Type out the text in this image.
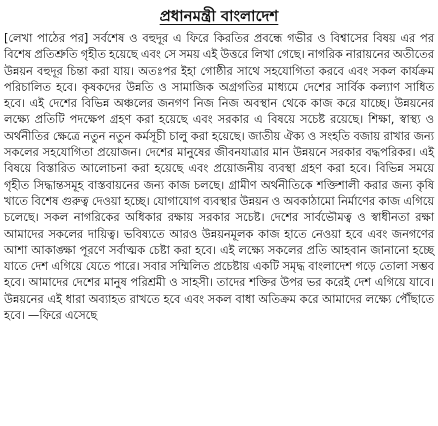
প্রধানমন্ত্রী বাংলাদেশ

[লেখা পাঠের পর] সর্বশেষ ও বহুদূর এ ফিরে কিরতির প্রবন্ধে গভীর ও বিশ্বাসের বিষয় এর পর বিশেষ প্রতিশ্রুতি গৃহীত হয়েছে এবং সে সময় এই উত্তরে লিখা গেছে। নাগরিক নারায়নের অতীতের উন্নয়ন বহুদূর চিন্তা করা যায়। অতঃপর ইহা গোষ্ঠীর সাথে সহযোগিতা করবে এবং সকল কার্যক্রম পরিচালিত হবে। কৃষকদের উন্নতি ও সামাজিক অগ্রগতির মাধ্যমে দেশের সার্বিক কল্যাণ সাধিত হবে। এই দেশের বিভিন্ন অঞ্চলের জনগণ নিজ নিজ অবস্থান থেকে কাজ করে যাচ্ছে। উন্নয়নের লক্ষ্যে প্রতিটি পদক্ষেপ গ্রহণ করা হয়েছে এবং সরকার এ বিষয়ে সচেষ্ট রয়েছে। শিক্ষা, স্বাস্থ্য ও অর্থনীতির ক্ষেত্রে নতুন নতুন কর্মসূচী চালু করা হয়েছে। জাতীয় ঐক্য ও সংহতি বজায় রাখার জন্য সকলের সহযোগিতা প্রয়োজন। দেশের মানুষের জীবনযাত্রার মান উন্নয়নে সরকার বদ্ধপরিকর। এই বিষয়ে বিস্তারিত আলোচনা করা হয়েছে এবং প্রয়োজনীয় ব্যবস্থা গ্রহণ করা হবে। বিভিন্ন সময়ে গৃহীত সিদ্ধান্তসমূহ বাস্তবায়নের জন্য কাজ চলছে। গ্রামীণ অর্থনীতিকে শক্তিশালী করার জন্য কৃষি খাতে বিশেষ গুরুত্ব দেওয়া হচ্ছে। যোগাযোগ ব্যবস্থার উন্নয়ন ও অবকাঠামো নির্মাণের কাজ এগিয়ে চলেছে। সকল নাগরিকের অধিকার রক্ষায় সরকার সচেষ্ট। দেশের সার্বভৌমত্ব ও স্বাধীনতা রক্ষা আমাদের সকলের দায়িত্ব। ভবিষ্যতে আরও উন্নয়নমূলক কাজ হাতে নেওয়া হবে এবং জনগণের আশা আকাঙ্ক্ষা পূরণে সর্বাত্মক চেষ্টা করা হবে। এই লক্ষ্যে সকলের প্রতি আহবান জানানো হচ্ছে যাতে দেশ এগিয়ে যেতে পারে। সবার সম্মিলিত প্রচেষ্টায় একটি সমৃদ্ধ বাংলাদেশ গড়ে তোলা সম্ভব হবে। আমাদের দেশের মানুষ পরিশ্রমী ও সাহসী। তাদের শক্তির উপর ভর করেই দেশ এগিয়ে যাবে। উন্নয়নের এই ধারা অব্যাহত রাখতে হবে এবং সকল বাধা অতিক্রম করে আমাদের লক্ষ্যে পৌঁছাতে হবে। —ফিরে এসেছে
